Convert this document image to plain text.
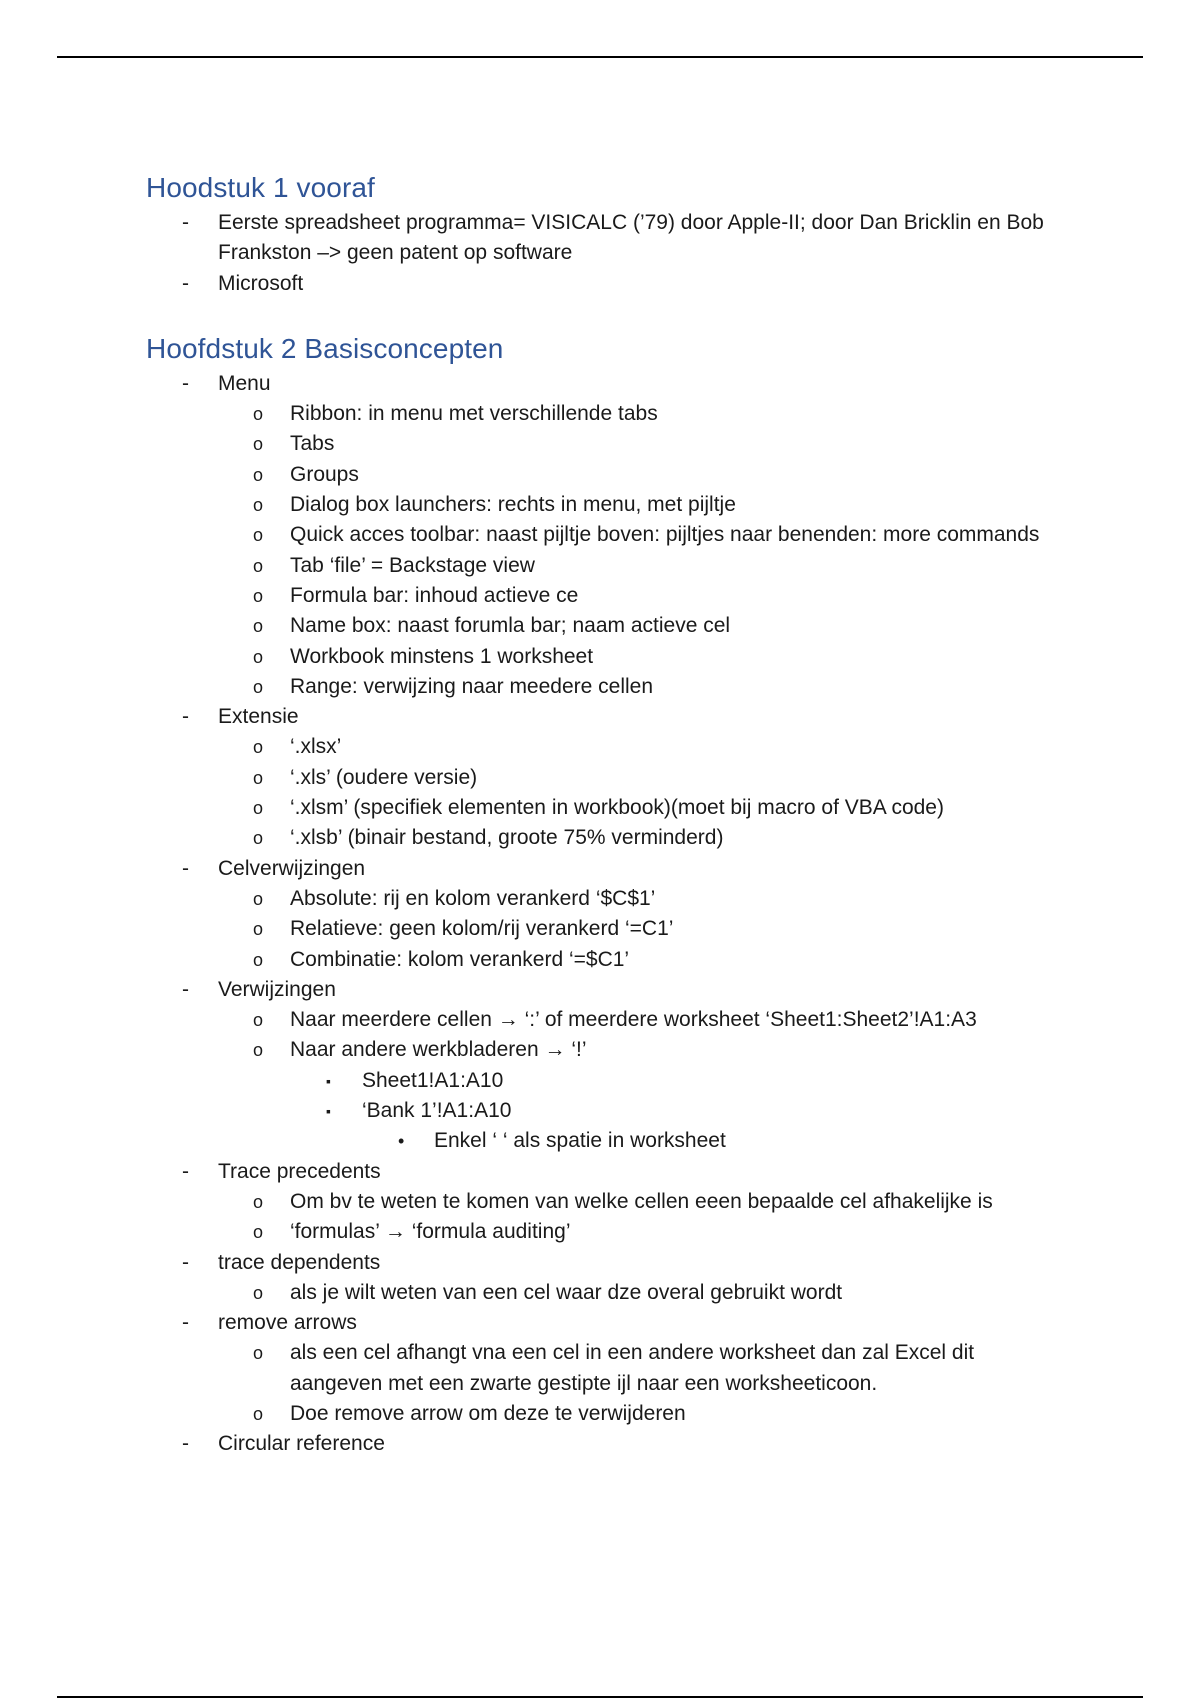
Hoodstuk 1 vooraf
- Eerste spreadsheet programma= VISICALC (’79) door Apple-II; door Dan Bricklin en Bob Frankston –> geen patent op software
- Microsoft
Hoofdstuk 2 Basisconcepten
- Menu
o Ribbon: in menu met verschillende tabs
o Tabs
o Groups
o Dialog box launchers: rechts in menu, met pijltje
o Quick acces toolbar: naast pijltje boven: pijltjes naar benenden: more commands
o Tab ‘file’ = Backstage view
o Formula bar: inhoud actieve ce
o Name box: naast forumla bar; naam actieve cel
o Workbook minstens 1 worksheet
o Range: verwijzing naar meedere cellen
- Extensie
o ‘.xlsx’
o ‘.xls’ (oudere versie)
o ‘.xlsm’ (specifiek elementen in workbook)(moet bij macro of VBA code)
o ‘.xlsb’ (binair bestand, groote 75% verminderd)
- Celverwijzingen
o Absolute: rij en kolom verankerd ‘$C$1’
o Relatieve: geen kolom/rij verankerd ‘=C1’
o Combinatie: kolom verankerd ‘=$C1’
- Verwijzingen
o Naar meerdere cellen → ‘:’ of meerdere worksheet ‘Sheet1:Sheet2’!A1:A3
o Naar andere werkbladeren → ‘!’
▪ Sheet1!A1:A10
▪ ‘Bank 1’!A1:A10
• Enkel ‘ ‘ als spatie in worksheet
- Trace precedents
o Om bv te weten te komen van welke cellen eeen bepaalde cel afhakelijke is
o ‘formulas’ → ‘formula auditing’
- trace dependents
o als je wilt weten van een cel waar dze overal gebruikt wordt
- remove arrows
o als een cel afhangt vna een cel in een andere worksheet dan zal Excel dit aangeven met een zwarte gestipte ijl naar een worksheeticoon.
o Doe remove arrow om deze te verwijderen
- Circular reference
